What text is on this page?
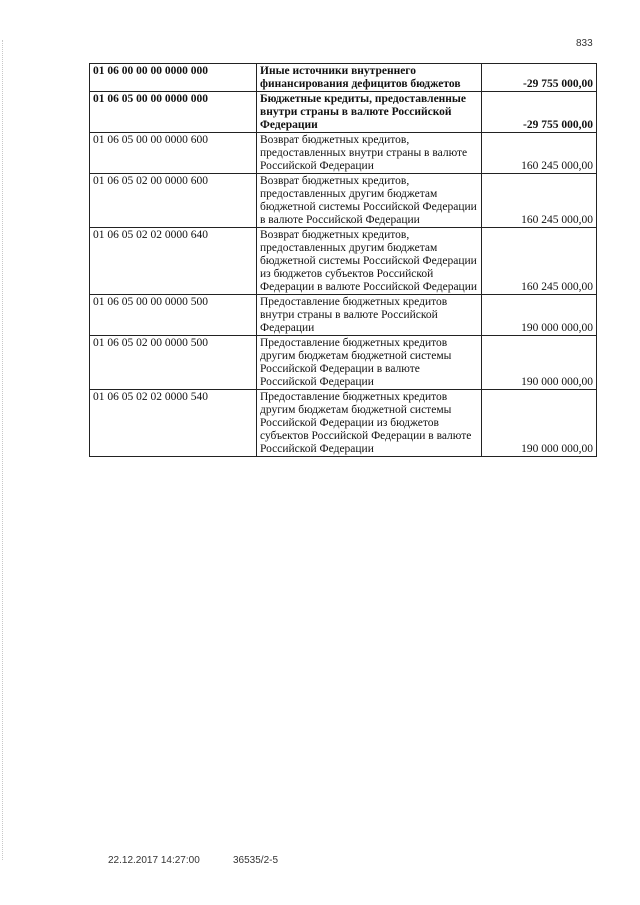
833
01 06 00 00 00 0000 000	Иные источники внутреннего финансирования дефицитов бюджетов	-29 755 000,00
01 06 05 00 00 0000 000	Бюджетные кредиты, предоставленные внутри страны в валюте Российской Федерации	-29 755 000,00
01 06 05 00 00 0000 600	Возврат бюджетных кредитов, предоставленных внутри страны в валюте Российской Федерации	160 245 000,00
01 06 05 02 00 0000 600	Возврат бюджетных кредитов, предоставленных другим бюджетам бюджетной системы Российской Федерации в валюте Российской Федерации	160 245 000,00
01 06 05 02 02 0000 640	Возврат бюджетных кредитов, предоставленных другим бюджетам бюджетной системы Российской Федерации из бюджетов субъектов Российской Федерации в валюте Российской Федерации	160 245 000,00
01 06 05 00 00 0000 500	Предоставление бюджетных кредитов внутри страны в валюте Российской Федерации	190 000 000,00
01 06 05 02 00 0000 500	Предоставление бюджетных кредитов другим бюджетам бюджетной системы Российской Федерации в валюте Российской Федерации	190 000 000,00
01 06 05 02 02 0000 540	Предоставление бюджетных кредитов другим бюджетам бюджетной системы Российской Федерации из бюджетов субъектов Российской Федерации в валюте Российской Федерации	190 000 000,00
22.12.2017 14:27:00	36535/2-5
